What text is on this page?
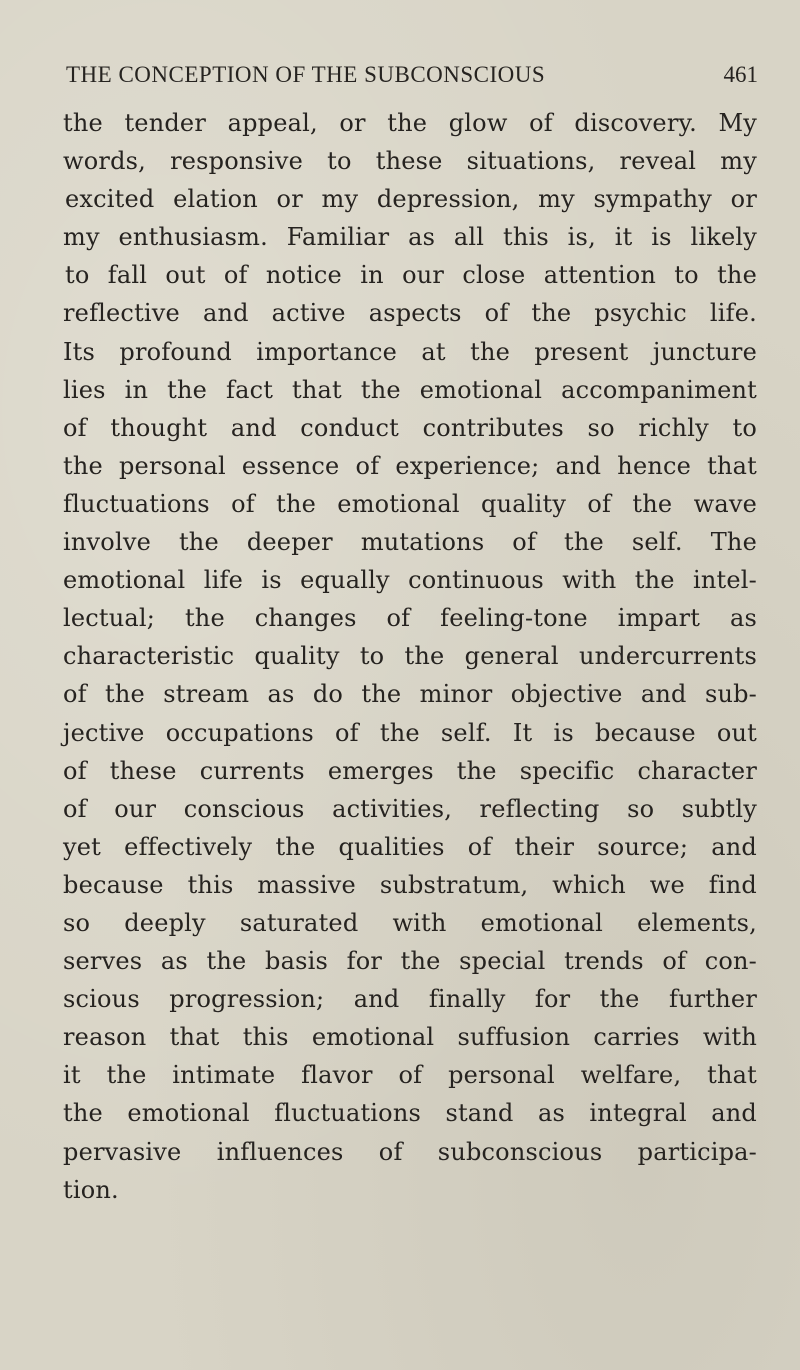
THE CONCEPTION OF THE SUBCONSCIOUS	461
the tender appeal, or the glow of discovery. My
words, responsive to these situations, reveal my
excited elation or my depression, my sympathy or
my enthusiasm. Familiar as all this is, it is likely
to fall out of notice in our close attention to the
reflective and active aspects of the psychic life.
Its profound importance at the present juncture
lies in the fact that the emotional accompaniment
of thought and conduct contributes so richly to
the personal essence of experience; and hence that
fluctuations of the emotional quality of the wave
involve the deeper mutations of the self. The
emotional life is equally continuous with the intel-
lectual; the changes of feeling-tone impart as
characteristic quality to the general undercurrents
of the stream as do the minor objective and sub-
jective occupations of the self. It is because out
of these currents emerges the specific character
of our conscious activities, reflecting so subtly
yet effectively the qualities of their source; and
because this massive substratum, which we find
so deeply saturated with emotional elements,
serves as the basis for the special trends of con-
scious progression; and finally for the further
reason that this emotional suffusion carries with
it the intimate flavor of personal welfare, that
the emotional fluctuations stand as integral and
pervasive influences of subconscious participa-
tion.
